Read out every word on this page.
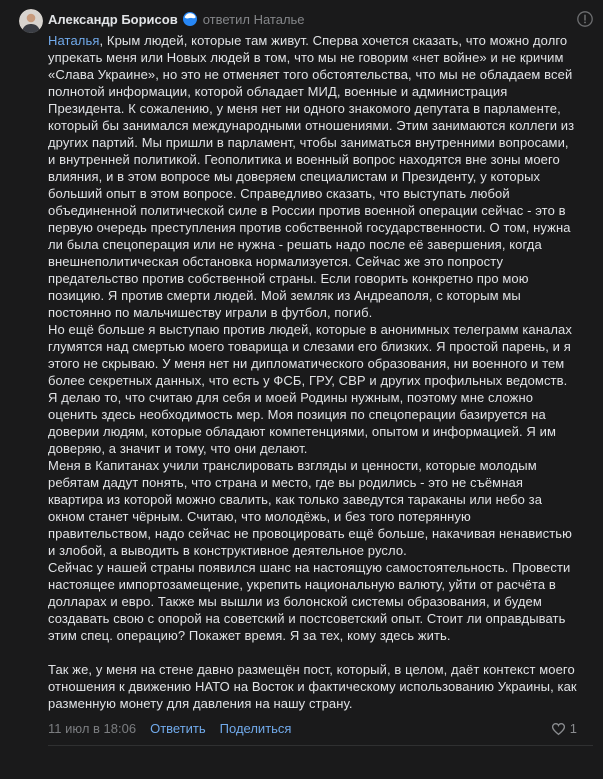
Александр Борисов ответил Наталье

Наталья, Крым людей, которые там живут. Сперва хочется сказать, что можно долго упрекать меня или Новых людей в том, что мы не говорим «нет войне» и не кричим «Слава Украине», но это не отменяет того обстоятельства, что мы не обладаем всей полнотой информации, которой обладает МИД, военные и администрация Президента. К сожалению, у меня нет ни одного знакомого депутата в парламенте, который бы занимался международными отношениями. Этим занимаются коллеги из других партий. Мы пришли в парламент, чтобы заниматься внутренними вопросами, и внутренней политикой. Геополитика и военный вопрос находятся вне зоны моего влияния, и в этом вопросе мы доверяем специалистам и Президенту, у которых больший опыт в этом вопросе. Справедливо сказать, что выступать любой объединенной политической силе в России против военной операции сейчас - это в первую очередь преступления против собственной государственности. О том, нужна ли была спецоперация или не нужна - решать надо после её завершения, когда внешнеполитическая обстановка нормализуется. Сейчас же это попросту предательство против собственной страны. Если говорить конкретно про мою позицию. Я против смерти людей. Мой земляк из Андреаполя, с которым мы постоянно по мальчишеству играли в футбол, погиб.

Но ещё больше я выступаю против людей, которые в анонимных телеграмм каналах глумятся над смертью моего товарища и слезами его близких. Я простой парень, и я этого не скрываю. У меня нет ни дипломатического образования, ни военного и тем более секретных данных, что есть у ФСБ, ГРУ, СВР и других профильных ведомств. Я делаю то, что считаю для себя и моей Родины нужным, поэтому мне сложно оценить здесь необходимость мер. Моя позиция по спецоперации базируется на доверии людям, которые обладают компетенциями, опытом и информацией. Я им доверяю, а значит и тому, что они делают.

Меня в Капитанах учили транслировать взгляды и ценности, которые молодым ребятам дадут понять, что страна и место, где вы родились - это не съёмная квартира из которой можно свалить, как только заведутся тараканы или небо за окном станет чёрным. Считаю, что молодёжь, и без того потерянную правительством, надо сейчас не провоцировать ещё больше, накачивая ненавистью и злобой, а выводить в конструктивное деятельное русло.

Сейчас у нашей страны появился шанс на настоящую самостоятельность. Провести настоящее импортозамещение, укрепить национальную валюту, уйти от расчёта в долларах и евро. Также мы вышли из болонской системы образования, и будем создавать свою с опорой на советский и постсоветский опыт. Стоит ли оправдывать этим спец. операцию? Покажет время. Я за тех, кому здесь жить.

Так же, у меня на стене давно размещён пост, который, в целом, даёт контекст моего отношения к движению НАТО на Восток и фактическому использованию Украины, как разменную монету для давления на нашу страну.

11 июл в 18:06 Ответить Поделиться	1
